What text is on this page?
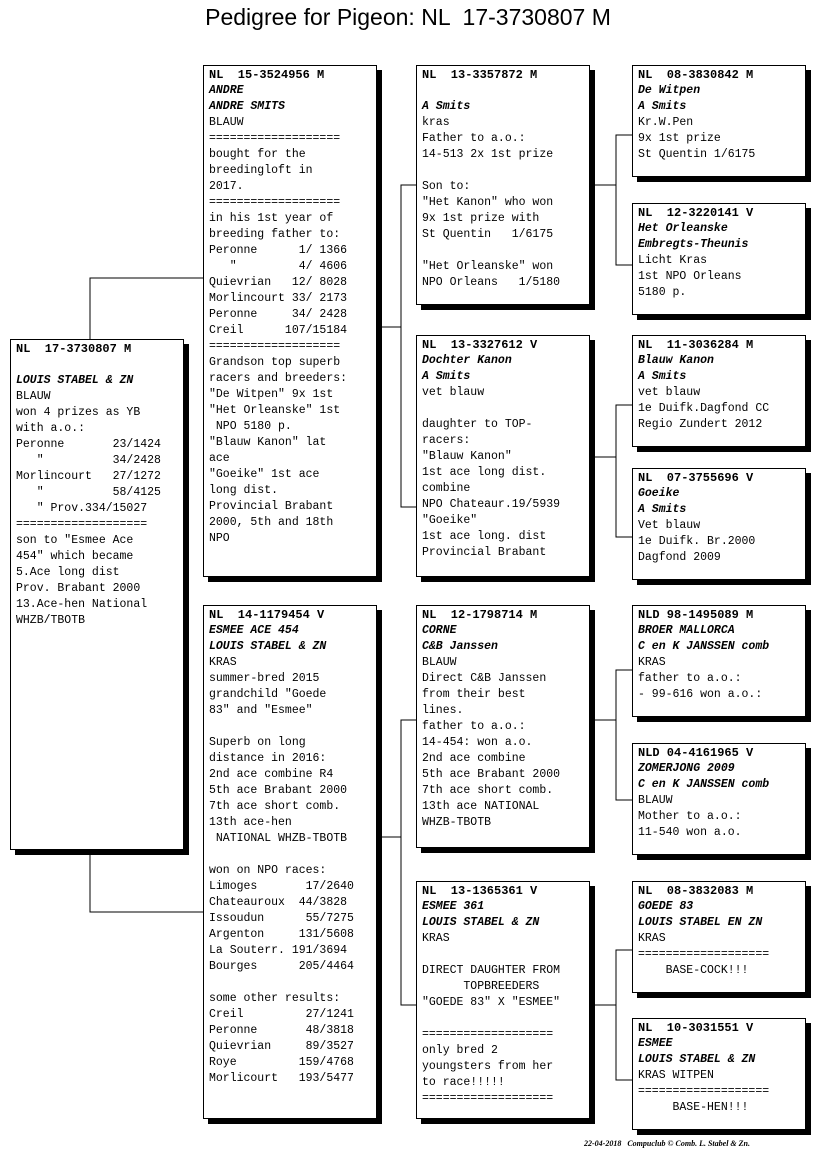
Pedigree for Pigeon: NL  17-3730807 M
NL  17-3730807 M
LOUIS STABEL & ZN
BLAUW
won 4 prizes as YB
with a.o.:
Peronne       23/1424
"          34/2428
Morlincourt   27/1272
"          58/4125
" Prov.334/15027
===================
son to "Esmee Ace
454" which became
5.Ace long dist
Prov. Brabant 2000
13.Ace-hen National
WHZB/TBOTB
NL  15-3524956 M
ANDRE
ANDRE SMITS
BLAUW
===================
bought for the
breedingloft in
2017.
===================
in his 1st year of
breeding father to:
Peronne      1/ 1366
"         4/ 4606
Quievrian   12/ 8028
Morlincourt 33/ 2173
Peronne     34/ 2428
Creil      107/15184
===================
Grandson top superb
racers and breeders:
"De Witpen" 9x 1st
"Het Orleanske" 1st
NPO 5180 p.
"Blauw Kanon" lat
ace
"Goeike" 1st ace
long dist.
Provincial Brabant
2000, 5th and 18th
NPO
NL  14-1179454 V
ESMEE ACE 454
LOUIS STABEL & ZN
KRAS
summer-bred 2015
grandchild "Goede
83" and "Esmee"
Superb on long
distance in 2016:
2nd ace combine R4
5th ace Brabant 2000
7th ace short comb.
13th ace-hen
NATIONAL WHZB-TBOTB
won on NPO races:
Limoges       17/2640
Chateauroux  44/3828
Issoudun      55/7275
Argenton     131/5608
La Souterr. 191/3694
Bourges      205/4464
some other results:
Creil         27/1241
Peronne       48/3818
Quievrian     89/3527
Roye         159/4768
Morlicourt   193/5477
NL  13-3357872 M
A Smits
kras
Father to a.o.:
14-513 2x 1st prize
Son to:
"Het Kanon" who won
9x 1st prize with
St Quentin   1/6175
"Het Orleanske" won
NPO Orleans   1/5180
NL  13-3327612 V
Dochter Kanon
A Smits
vet blauw
daughter to TOP-
racers:
"Blauw Kanon"
1st ace long dist.
combine
NPO Chateaur.19/5939
"Goeike"
1st ace long. dist
Provincial Brabant
NL  12-1798714 M
CORNE
C&B Janssen
BLAUW
Direct C&B Janssen
from their best
lines.
father to a.o.:
14-454: won a.o.
2nd ace combine
5th ace Brabant 2000
7th ace short comb.
13th ace NATIONAL
WHZB-TBOTB
NL  13-1365361 V
ESMEE 361
LOUIS STABEL & ZN
KRAS
DIRECT DAUGHTER FROM
TOPBREEDERS
"GOEDE 83" X "ESMEE"
===================
only bred 2
youngsters from her
to race!!!!!
===================
NL  08-3830842 M
De Witpen
A Smits
Kr.W.Pen
9x 1st prize
St Quentin 1/6175
NL  12-3220141 V
Het Orleanske
Embregts-Theunis
Licht Kras
1st NPO Orleans
5180 p.
NL  11-3036284 M
Blauw Kanon
A Smits
vet blauw
1e Duifk.Dagfond CC
Regio Zundert 2012
NL  07-3755696 V
Goeike
A Smits
Vet blauw
1e Duifk. Br.2000
Dagfond 2009
NLD 98-1495089 M
BROER MALLORCA
C en K JANSSEN comb
KRAS
father to a.o.:
- 99-616 won a.o.:
NLD 04-4161965 V
ZOMERJONG 2009
C en K JANSSEN comb
BLAUW
Mother to a.o.:
11-540 won a.o.
NL  08-3832083 M
GOEDE 83
LOUIS STABEL EN ZN
KRAS
===================
BASE-COCK!!!
NL  10-3031551 V
ESMEE
LOUIS STABEL & ZN
KRAS WITPEN
===================
BASE-HEN!!!
22-04-2018 Compuclub © Comb. L. Stabel & Zn.
